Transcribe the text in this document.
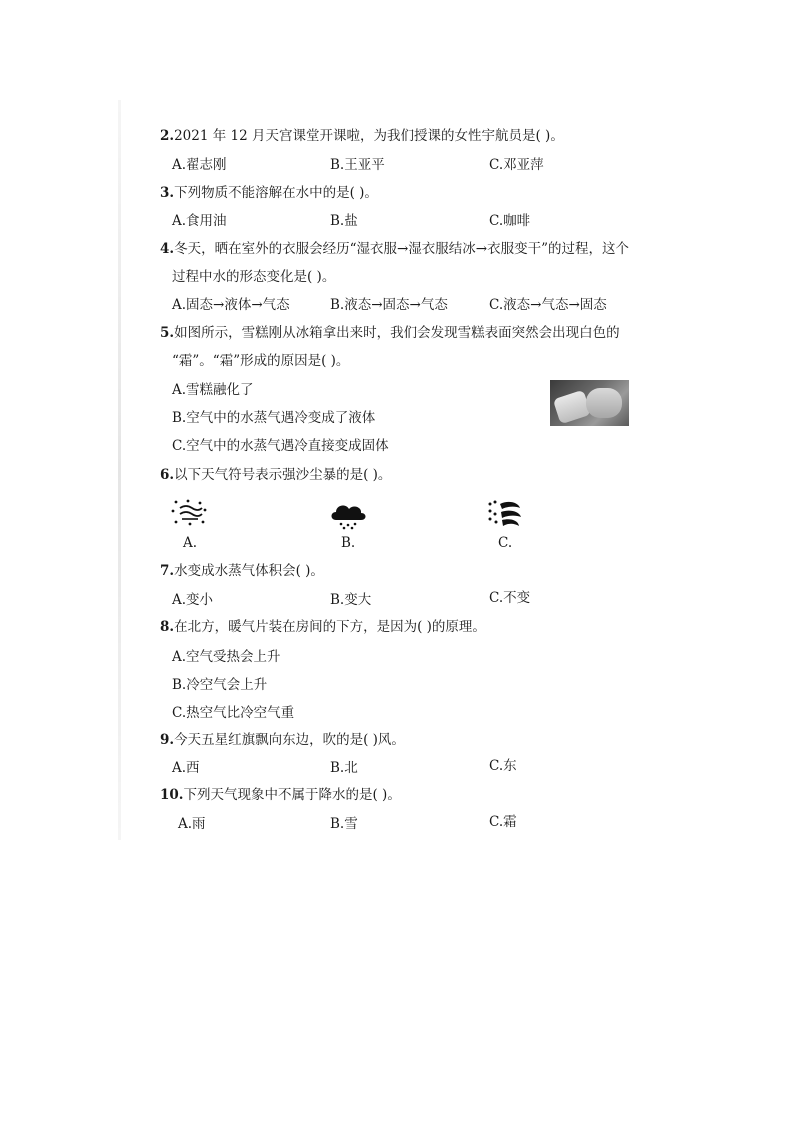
2.2021 年 12 月天宫课堂开课啦，为我们授课的女性宇航员是( )。
A.翟志刚	B.王亚平	C.邓亚萍
3.下列物质不能溶解在水中的是( )。
A.食用油	B.盐	C.咖啡
4.冬天，晒在室外的衣服会经历“湿衣服→湿衣服结冰→衣服变干”的过程，这个
过程中水的形态变化是( )。
A.固态→液体→气态	B.液态→固态→气态	C.液态→气态→固态
5.如图所示，雪糕刚从冰箱拿出来时，我们会发现雪糕表面突然会出现白色的
“霜”。“霜”形成的原因是( )。
A.雪糕融化了
B.空气中的水蒸气遇冷变成了液体
C.空气中的水蒸气遇冷直接变成固体
6.以下天气符号表示强沙尘暴的是( )。
A.	B.	C.
7.水变成水蒸气体积会( )。
A.变小	B.变大	C.不变
8.在北方，暖气片装在房间的下方，是因为( )的原理。
A.空气受热会上升
B.冷空气会上升
C.热空气比冷空气重
9.今天五星红旗飘向东边，吹的是( )风。
A.西	B.北	C.东
10.下列天气现象中不属于降水的是( )。
A.雨	B.雪	C.霜
